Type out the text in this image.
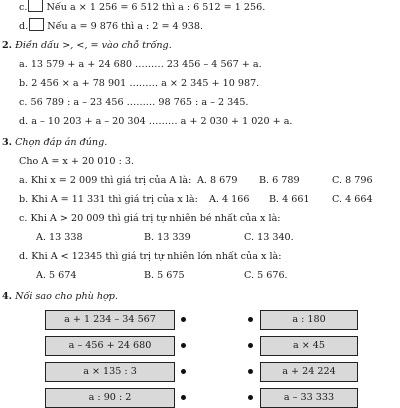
c. Nếu a × 1 256 = 6 512 thì a : 6 512 = 1 256.
d. Nếu a = 9 876 thì a : 2 = 4 938.
2. Điền dấu >, <, = vào chỗ trống.
a. 13 579 + a + 24 680 ……… 23 456 – 4 567 + a.
b. 2 456 × a + 78 901 ……… a × 2 345 + 10 987.
c. 56 789 : a – 23 456 ……… 98 765 : a – 2 345.
d. a – 10 203 + a – 20 304 ……… a + 2 030 + 1 020 + a.
3. Chọn đáp án đúng.
Cho A = x + 20 010 : 3.
a. Khi x = 2 009 thì giá trị của A là: A. 8 679 B. 6 789	C. 8 796
b. Khi A = 11 331 thì giá trị của x là: A. 4 166 B. 4 661 C. 4 664
c. Khi A > 20 009 thì giá trị tự nhiên bé nhất của x là:
A. 13 338	B. 13 339	C. 13 340.
d. Khi A < 12345 thì giá trị tự nhiên lớn nhất của x là:
A. 5 674	B. 5 675	C. 5 676.
4. Nối sao cho phù hợp.
a + 1 234 – 34 567
a – 456 + 24 680
a × 135 : 3
a : 90 : 2
a : 180
a × 45
a + 24 224
a – 33 333
